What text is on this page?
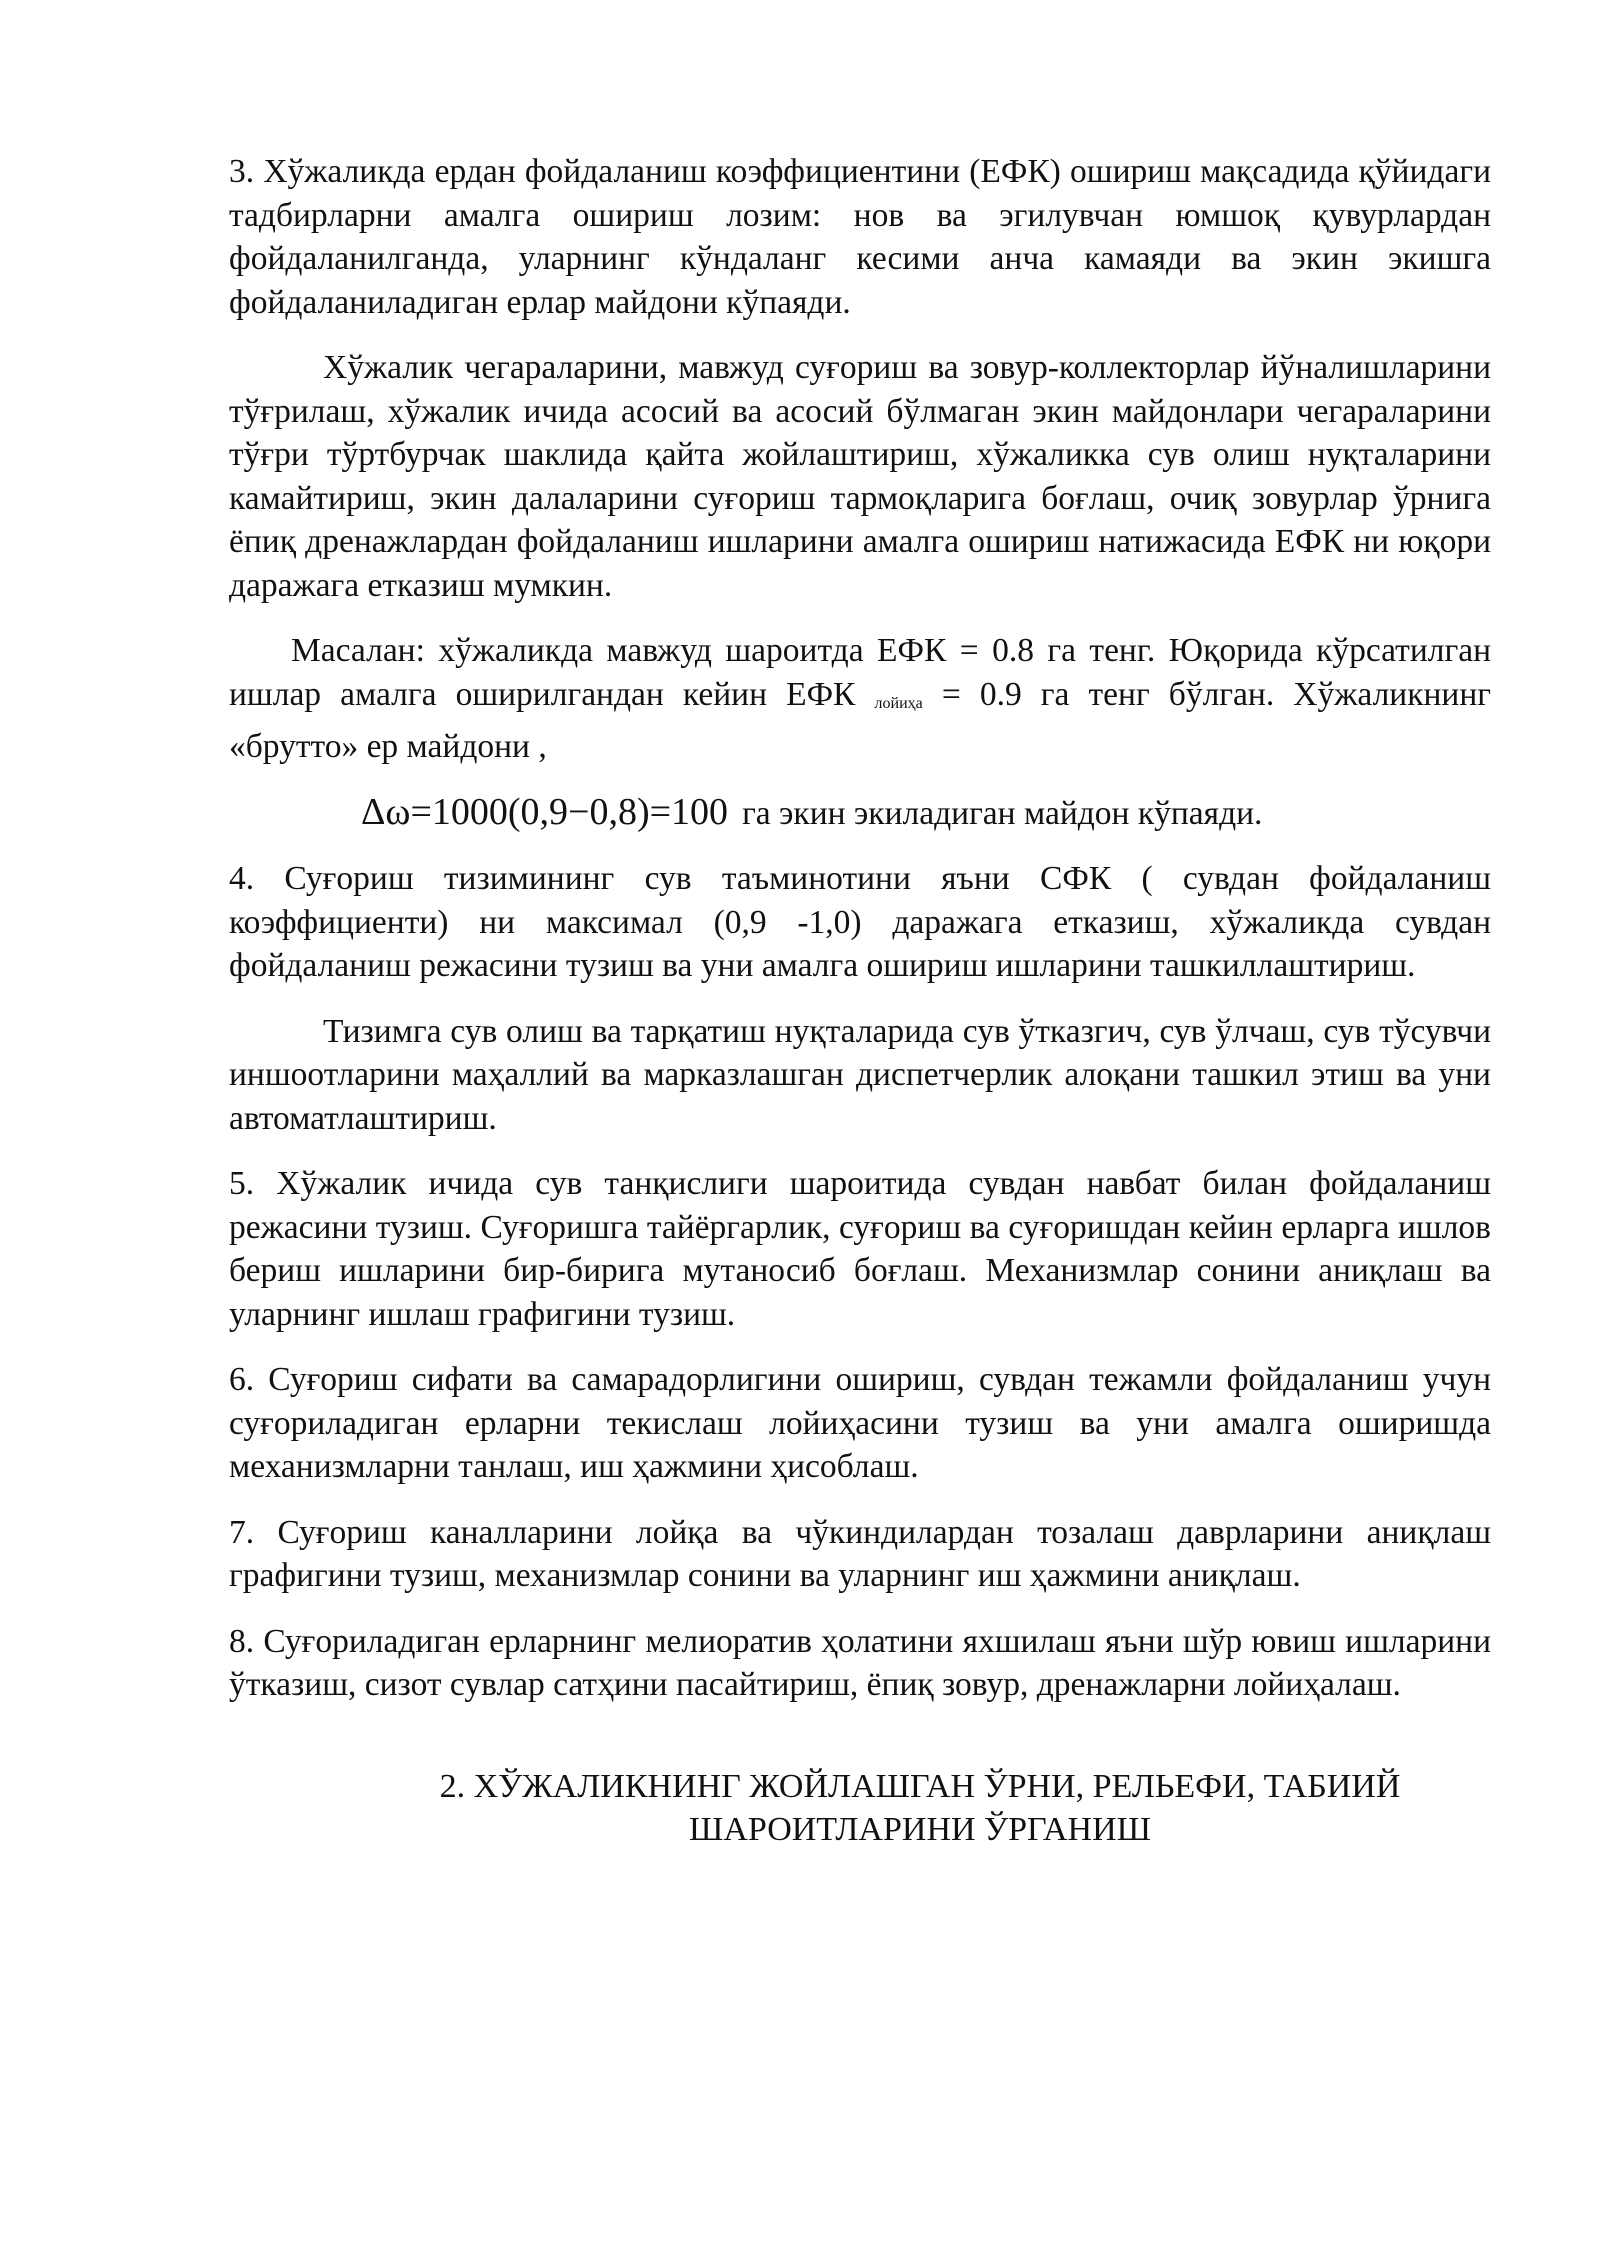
3. Хўжаликда ердан фойдаланиш коэффициентини (ЕФК) ошириш мақсадида қўйидаги тадбирларни амалга ошириш лозим: нов ва эгилувчан юмшоқ қувурлардан фойдаланилганда, уларнинг кўндаланг кесими анча камаяди ва экин экишга фойдаланиладиган ерлар майдони кўпаяди.

Хўжалик чегараларини, мавжуд суғориш ва зовур-коллекторлар йўналишларини тўғрилаш, хўжалик ичида асосий ва асосий бўлмаган экин майдонлари чегараларини тўғри тўртбурчак шаклида қайта жойлаштириш, хўжаликка сув олиш нуқталарини камайтириш, экин далаларини суғориш тармоқларига боғлаш, очиқ зовурлар ўрнига ёпиқ дренажлардан фойдаланиш ишларини амалга ошириш натижасида ЕФК ни юқори даражага етказиш мумкин.

Масалан: хўжаликда мавжуд шароитда ЕФК = 0.8 га тенг. Юқорида кўрсатилган ишлар амалга оширилгандан кейин ЕФК лойиҳа = 0.9 га тенг бўлган. Хўжаликнинг «брутто» ер майдони ,

Δω=1000(0,9−0,8)=100 га экин экиладиган майдон кўпаяди.

4. Суғориш тизимининг сув таъминотини яъни СФК ( сувдан фойдаланиш коэффициенти) ни максимал (0,9 -1,0) даражага етказиш, хўжаликда сувдан фойдаланиш режасини тузиш ва уни амалга ошириш ишларини ташкиллаштириш.

Тизимга сув олиш ва тарқатиш нуқталарида сув ўтказгич, сув ўлчаш, сув тўсувчи иншоотларини маҳаллий ва марказлашган диспетчерлик алоқани ташкил этиш ва уни автоматлаштириш.

5. Хўжалик ичида сув танқислиги шароитида сувдан навбат билан фойдаланиш режасини тузиш. Суғоришга тайёргарлик, суғориш ва суғоришдан кейин ерларга ишлов бериш ишларини бир-бирига мутаносиб боғлаш. Механизмлар сонини аниқлаш ва уларнинг ишлаш графигини тузиш.

6. Суғориш сифати ва самарадорлигини ошириш, сувдан тежамли фойдаланиш учун суғориладиган ерларни текислаш лойиҳасини тузиш ва уни амалга оширишда механизмларни танлаш, иш ҳажмини ҳисоблаш.

7. Суғориш каналларини лойқа ва чўкиндилардан тозалаш даврларини аниқлаш графигини тузиш, механизмлар сонини ва уларнинг иш ҳажмини аниқлаш.

8. Суғориладиган ерларнинг мелиоратив ҳолатини яхшилаш яъни шўр ювиш ишларини ўтказиш, сизот сувлар сатҳини пасайтириш, ёпиқ зовур, дренажларни лойиҳалаш.

2. ХЎЖАЛИКНИНГ ЖОЙЛАШГАН ЎРНИ, РЕЛЬЕФИ, ТАБИИЙ
ШАРОИТЛАРИНИ ЎРГАНИШ
